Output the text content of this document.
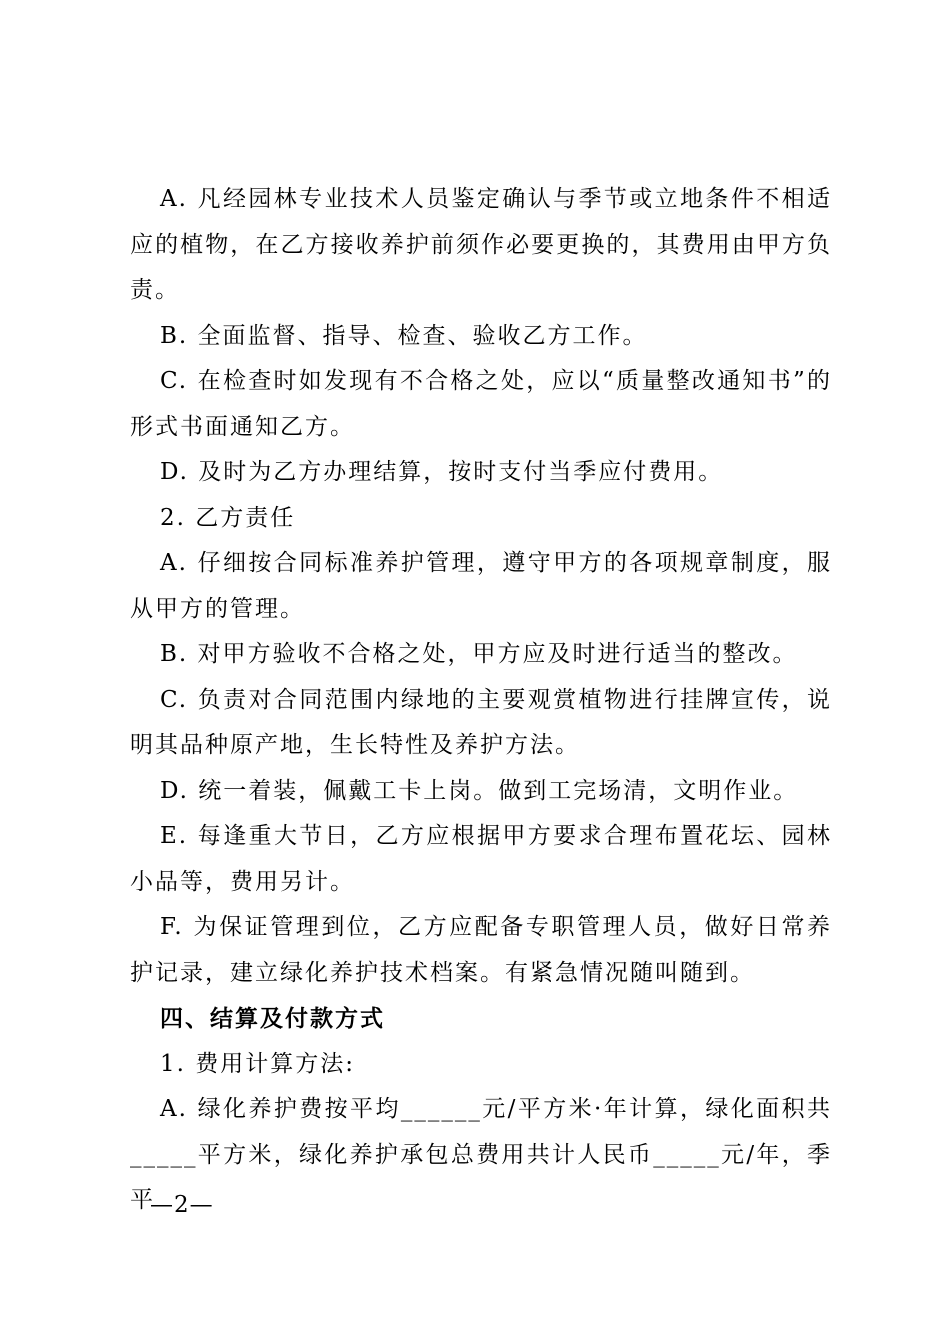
A. 凡经园林专业技术人员鉴定确认与季节或立地条件不相适应的植物，在乙方接收养护前须作必要更换的，其费用由甲方负责。

B. 全面监督、指导、检查、验收乙方工作。

C. 在检查时如发现有不合格之处，应以“质量整改通知书”的形式书面通知乙方。

D. 及时为乙方办理结算，按时支付当季应付费用。

2. 乙方责任

A. 仔细按合同标准养护管理，遵守甲方的各项规章制度，服从甲方的管理。

B. 对甲方验收不合格之处，甲方应及时进行适当的整改。

C. 负责对合同范围内绿地的主要观赏植物进行挂牌宣传，说明其品种原产地，生长特性及养护方法。

D. 统一着装，佩戴工卡上岗。做到工完场清，文明作业。

E. 每逢重大节日，乙方应根据甲方要求合理布置花坛、园林小品等，费用另计。

F. 为保证管理到位，乙方应配备专职管理人员，做好日常养护记录，建立绿化养护技术档案。有紧急情况随叫随到。

四、结算及付款方式

1. 费用计算方法:

A. 绿化养护费按平均______元/平方米·年计算，绿化面积共_____平方米，绿化养护承包总费用共计人民币_____元/年，季平

—2—
